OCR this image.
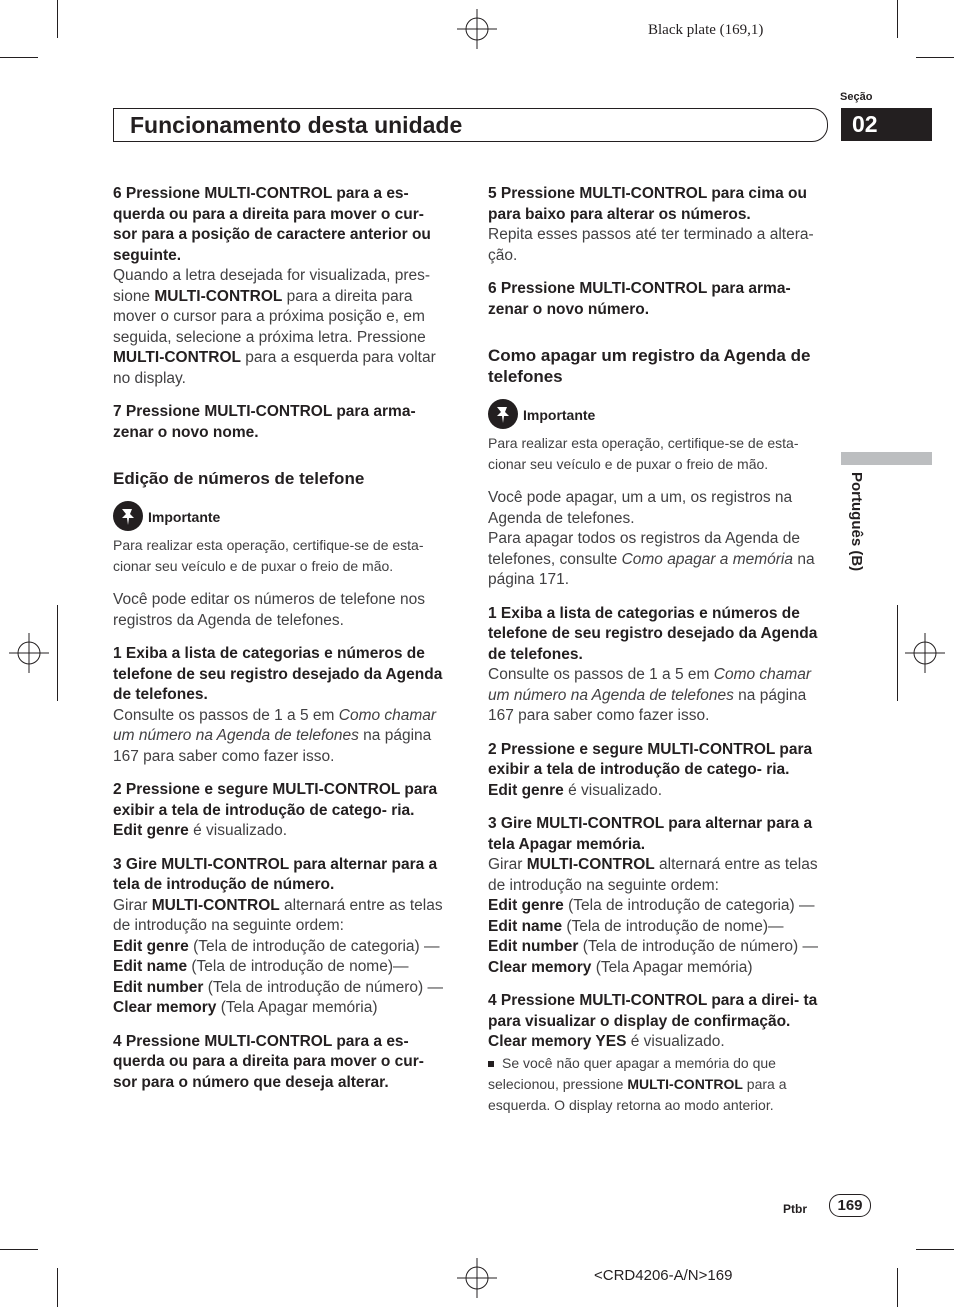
Black plate (169,1)
Seção
Funcionamento desta unidade	02
Português (B)

6 Pressione MULTI-CONTROL para a es- querda ou para a direita para mover o cur- sor para a posição de caractere anterior ou seguinte.

Quando a letra desejada for visualizada, pres- sione MULTI-CONTROL para a direita para mover o cursor para a próxima posição e, em seguida, selecione a próxima letra. Pressione MULTI-CONTROL para a esquerda para voltar no display.

7 Pressione MULTI-CONTROL para arma- zenar o novo nome.

Edição de números de telefone

Importante

Para realizar esta operação, certifique-se de esta- cionar seu veículo e de puxar o freio de mão.

Você pode editar os números de telefone nos registros da Agenda de telefones.

1 Exiba a lista de categorias e números de telefone de seu registro desejado da Agenda de telefones.

Consulte os passos de 1 a 5 em Como chamar um número na Agenda de telefones na página 167 para saber como fazer isso.

2 Pressione e segure MULTI-CONTROL para exibir a tela de introdução de catego- ria.

Edit genre é visualizado.

3 Gire MULTI-CONTROL para alternar para a tela de introdução de número.

Girar MULTI-CONTROL alternará entre as telas de introdução na seguinte ordem:
Edit genre (Tela de introdução de categoria) —Edit name (Tela de introdução de nome)—
Edit number (Tela de introdução de número) —Clear memory (Tela Apagar memória)

4 Pressione MULTI-CONTROL para a es- querda ou para a direita para mover o cur- sor para o número que deseja alterar.

5 Pressione MULTI-CONTROL para cima ou para baixo para alterar os números.

Repita esses passos até ter terminado a altera- ção.

6 Pressione MULTI-CONTROL para arma- zenar o novo número.

Como apagar um registro da Agenda de telefones

Importante

Para realizar esta operação, certifique-se de esta- cionar seu veículo e de puxar o freio de mão.

Você pode apagar, um a um, os registros na Agenda de telefones.

Para apagar todos os registros da Agenda de telefones, consulte Como apagar a memória na página 171.

1 Exiba a lista de categorias e números de telefone de seu registro desejado da Agenda de telefones.

Consulte os passos de 1 a 5 em Como chamar um número na Agenda de telefones na página 167 para saber como fazer isso.

2 Pressione e segure MULTI-CONTROL para exibir a tela de introdução de catego- ria.

Edit genre é visualizado.

3 Gire MULTI-CONTROL para alternar para a tela Apagar memória.

Girar MULTI-CONTROL alternará entre as telas de introdução na seguinte ordem:
Edit genre (Tela de introdução de categoria) —Edit name (Tela de introdução de nome)—
Edit number (Tela de introdução de número) —Clear memory (Tela Apagar memória)

4 Pressione MULTI-CONTROL para a direi- ta para visualizar o display de confirmação.

Clear memory YES é visualizado.

Se você não quer apagar a memória do que selecionou, pressione MULTI-CONTROL para a esquerda. O display retorna ao modo anterior.

Ptbr	169
<CRD4206-A/N>169
